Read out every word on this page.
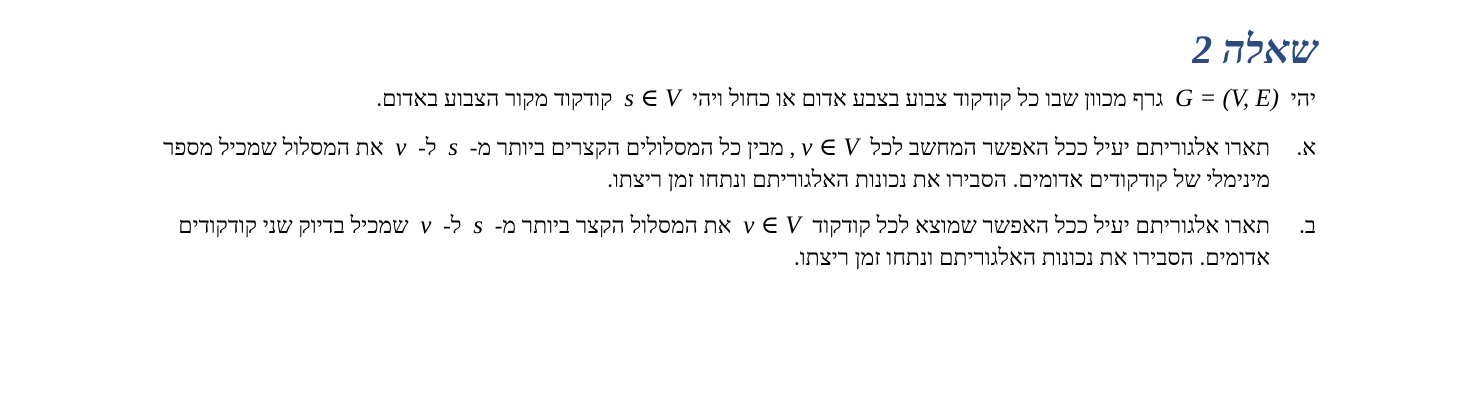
שאלה 2

יהי G = (V, E) גרף מכוון שבו כל קודקוד צבוע בצבע אדום או כחול ויהי s ∈ V קודקוד מקור הצבוע באדום.

א.
תארו אלגוריתם יעיל ככל האפשר המחשב לכל v ∈ V, מבין כל המסלולים הקצרים ביותר מ- s ל- v את המסלול שמכיל מספר מינימלי של קודקודים אדומים. הסבירו את נכונות האלגוריתם ונתחו זמן ריצתו.
ב.
תארו אלגוריתם יעיל ככל האפשר שמוצא לכל קודקוד v ∈ V את המסלול הקצר ביותר מ- s ל- v שמכיל בדיוק שני קודקודים אדומים. הסבירו את נכונות האלגוריתם ונתחו זמן ריצתו.
